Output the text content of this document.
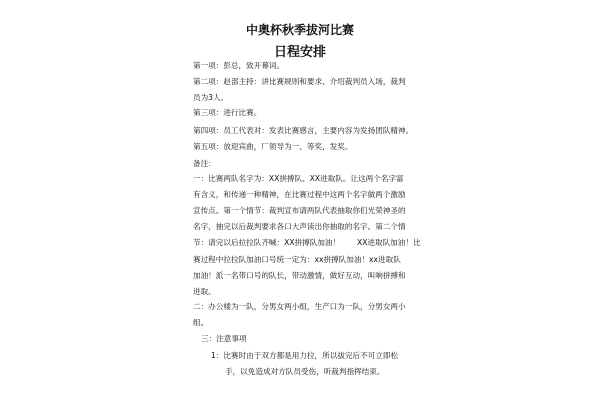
中奥杯秋季拔河比赛
日程安排
第一项：彭总，致开幕词。
第二项：赵部主持：讲比赛规则和要求、介绍裁判员入场，裁判
员为3人。
第三项：进行比赛。
第四项：员工代表对：发表比赛感言，主要内容为发扬团队精神。
第五项：放迎宾曲，厂领导为一、等奖，发奖。
备注：
一：比赛两队名字为：XX拼搏队、XX进取队。让这两个名字富
有含义，和传递一种精神，在比赛过程中这两个名字做两个激励
宣传点。第一个情节：裁判宣布请两队代表抽取你们光荣神圣的
名字，抽完以后裁判要求各口大声读出你抽取的名字。第二个情
节：请完以后拉拉队齐喊：XX拼搏队加油！       XX进取队加油！比
赛过程中拉拉队加油口号统一定为：xx拼搏队加油！xx进取队
加油！派一名带口号的队长，带动激情，做好互动，叫响拼搏和
进取。
二：办公楼为一队，分男女两小组，生产口为一队，分男女两小
组。
三：注意事项
1：比赛时由于双方都是用力拉，所以拔完后不可立即松
手，以免造成对方队员受伤，听裁判指挥结束。
